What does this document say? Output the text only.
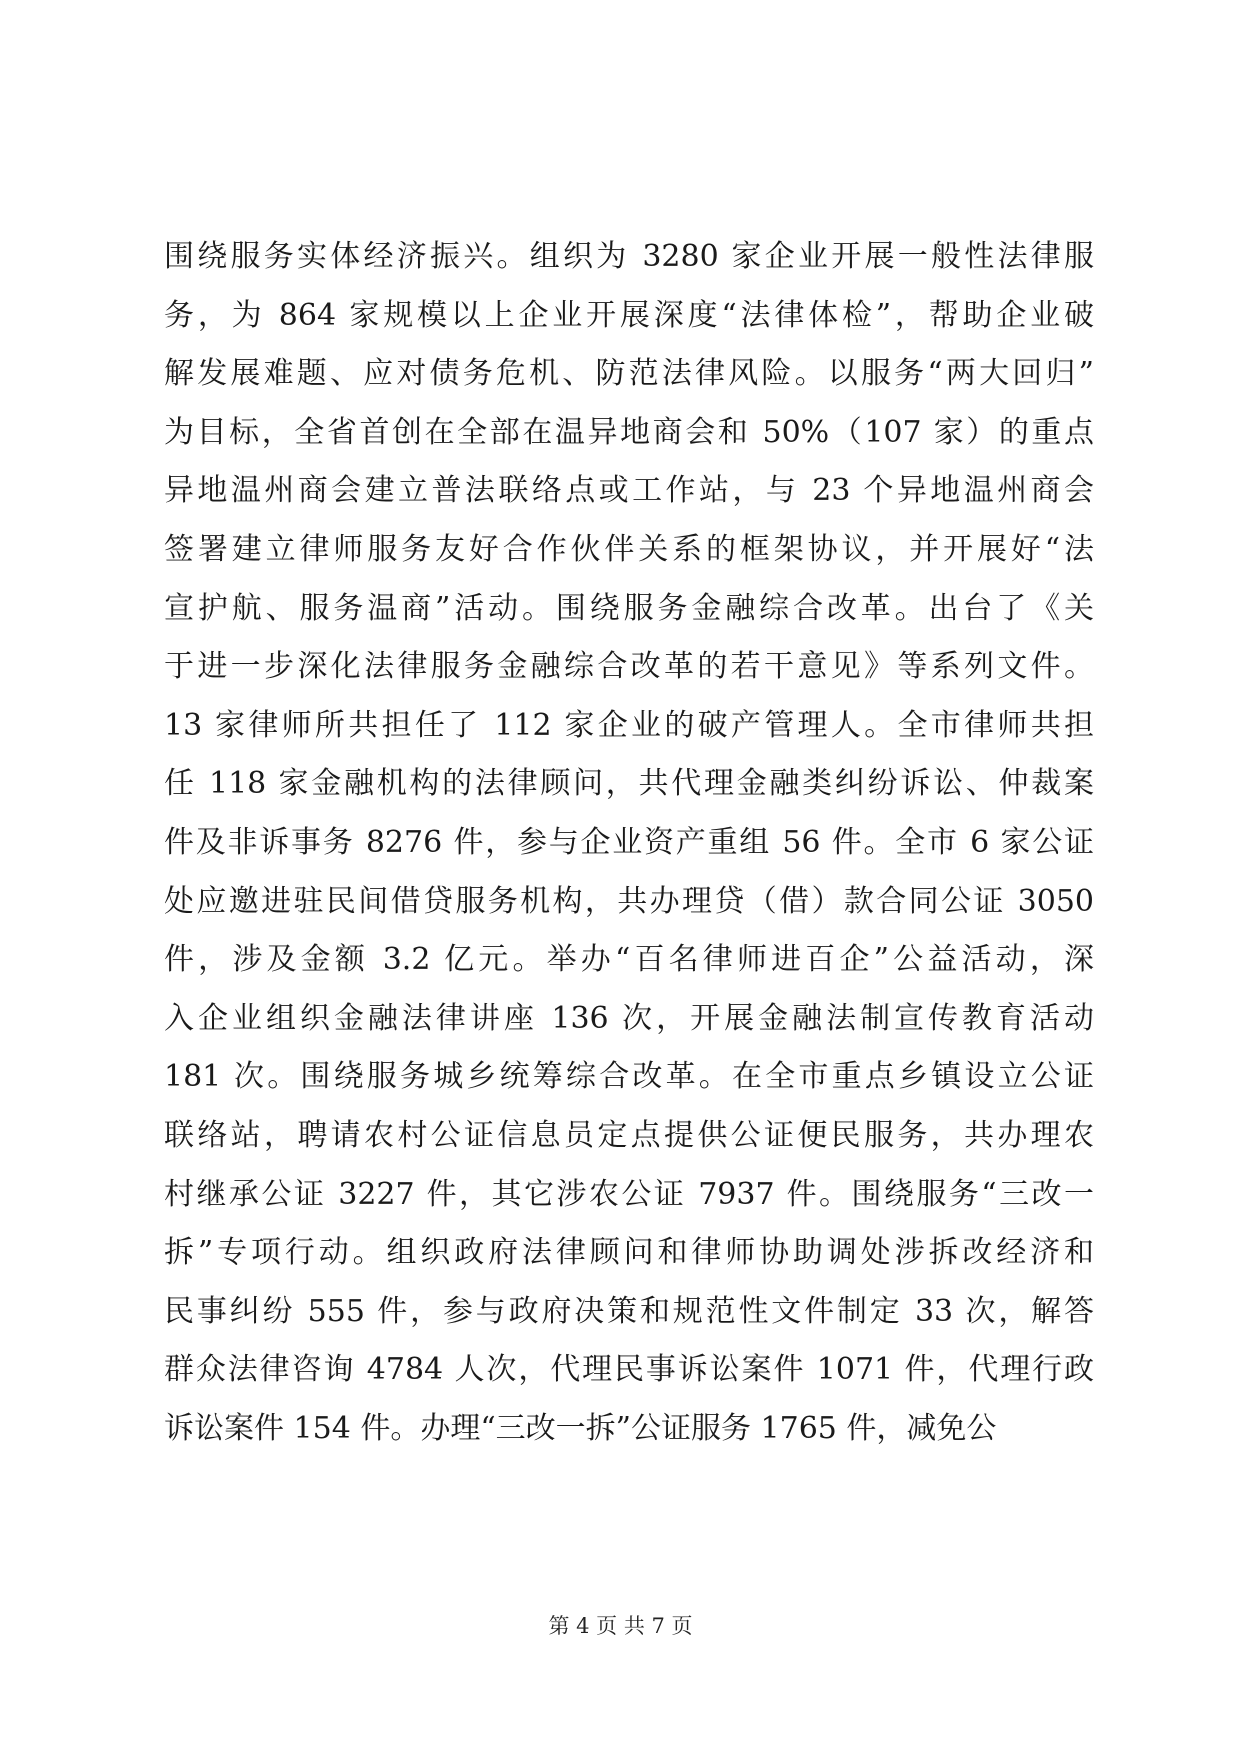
围绕服务实体经济振兴。组织为 3280 家企业开展一般性法律服
务，为 864 家规模以上企业开展深度“法律体检”，帮助企业破
解发展难题、应对债务危机、防范法律风险。以服务“两大回归”
为目标，全省首创在全部在温异地商会和 50%（107 家）的重点
异地温州商会建立普法联络点或工作站，与 23 个异地温州商会
签署建立律师服务友好合作伙伴关系的框架协议，并开展好“法
宣护航、服务温商”活动。围绕服务金融综合改革。出台了《关
于进一步深化法律服务金融综合改革的若干意见》等系列文件。
13 家律师所共担任了 112 家企业的破产管理人。全市律师共担
任 118 家金融机构的法律顾问，共代理金融类纠纷诉讼、仲裁案
件及非诉事务 8276 件，参与企业资产重组 56 件。全市 6 家公证
处应邀进驻民间借贷服务机构，共办理贷（借）款合同公证 3050
件，涉及金额 3.2 亿元。举办“百名律师进百企”公益活动，深
入企业组织金融法律讲座 136 次，开展金融法制宣传教育活动
181 次。围绕服务城乡统筹综合改革。在全市重点乡镇设立公证
联络站，聘请农村公证信息员定点提供公证便民服务，共办理农
村继承公证 3227 件，其它涉农公证 7937 件。围绕服务“三改一
拆”专项行动。组织政府法律顾问和律师协助调处涉拆改经济和
民事纠纷 555 件，参与政府决策和规范性文件制定 33 次，解答
群众法律咨询 4784 人次，代理民事诉讼案件 1071 件，代理行政
诉讼案件 154 件。办理“三改一拆”公证服务 1765 件，减免公
第 4 页 共 7 页
